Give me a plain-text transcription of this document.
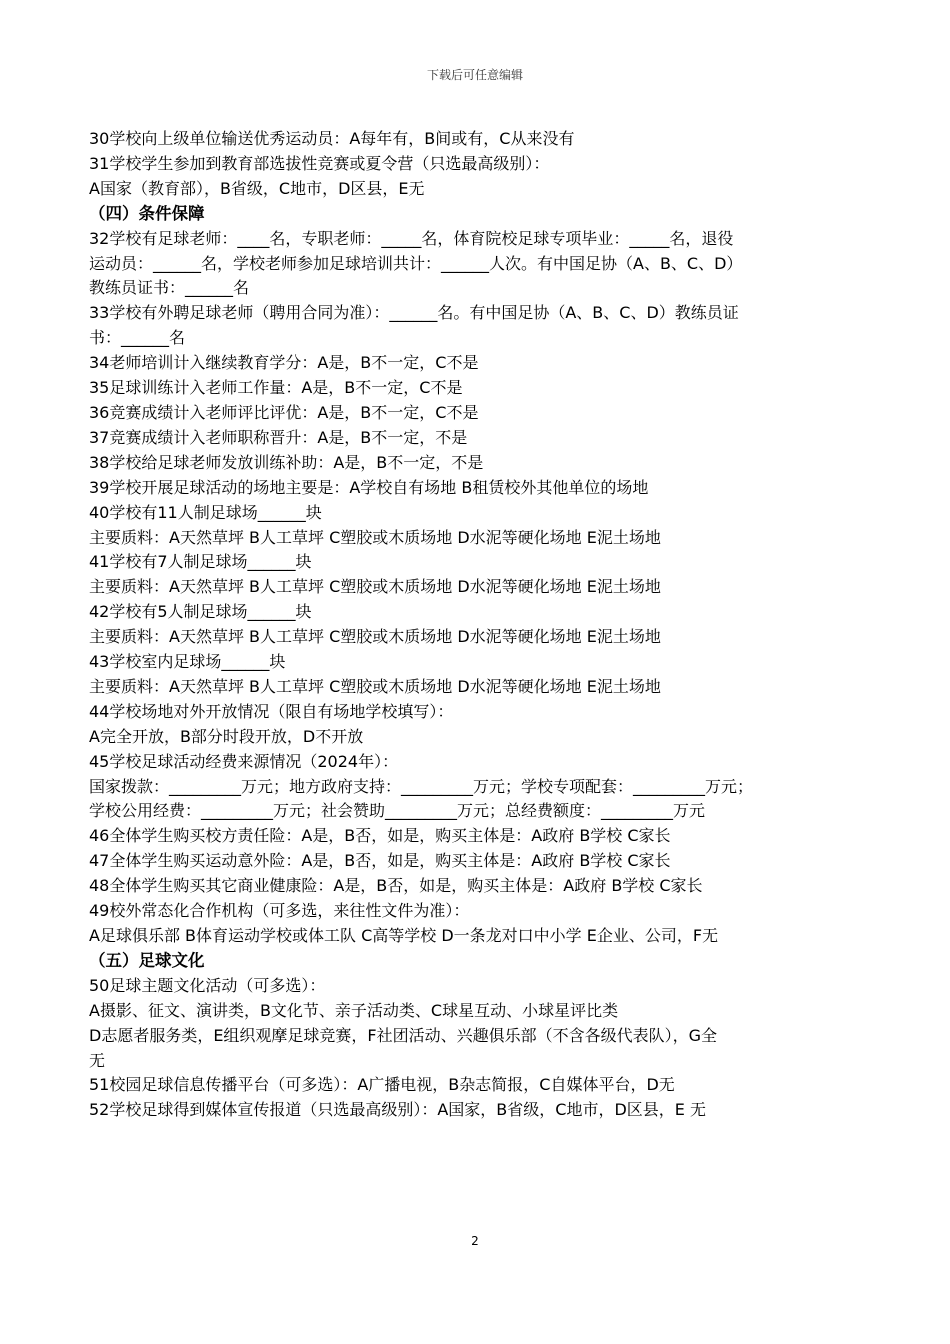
下载后可任意编辑
30学校向上级单位输送优秀运动员：A每年有，B间或有，C从来没有
31学校学生参加到教育部选拔性竞赛或夏令营（只选最高级别）：
A国家（教育部），B省级，C地市，D区县，E无
（四）条件保障
32学校有足球老师：____名，专职老师：_____名，体育院校足球专项毕业：_____名，退役
运动员：______名，学校老师参加足球培训共计：______人次。有中国足协（A、B、C、D）
教练员证书：______名
33学校有外聘足球老师（聘用合同为准）：______名。有中国足协（A、B、C、D）教练员证
书：______名
34老师培训计入继续教育学分：A是，B不一定，C不是
35足球训练计入老师工作量：A是，B不一定，C不是
36竞赛成绩计入老师评比评优：A是，B不一定，C不是
37竞赛成绩计入老师职称晋升：A是，B不一定，不是
38学校给足球老师发放训练补助：A是，B不一定，不是
39学校开展足球活动的场地主要是：A学校自有场地 B租赁校外其他单位的场地
40学校有11人制足球场______块
主要质料：A天然草坪 B人工草坪 C塑胶或木质场地 D水泥等硬化场地 E泥土场地
41学校有7人制足球场______块
主要质料：A天然草坪 B人工草坪 C塑胶或木质场地 D水泥等硬化场地 E泥土场地
42学校有5人制足球场______块
主要质料：A天然草坪 B人工草坪 C塑胶或木质场地 D水泥等硬化场地 E泥土场地
43学校室内足球场______块
主要质料：A天然草坪 B人工草坪 C塑胶或木质场地 D水泥等硬化场地 E泥土场地
44学校场地对外开放情况（限自有场地学校填写）：
A完全开放，B部分时段开放，D不开放
45学校足球活动经费来源情况（2024年）：
国家拨款：_________万元；地方政府支持：_________万元；学校专项配套：_________万元；
学校公用经费：_________万元；社会赞助_________万元；总经费额度：_________万元
46全体学生购买校方责任险：A是，B否，如是，购买主体是：A政府 B学校 C家长
47全体学生购买运动意外险：A是，B否，如是，购买主体是：A政府 B学校 C家长
48全体学生购买其它商业健康险：A是，B否，如是，购买主体是：A政府 B学校 C家长
49校外常态化合作机构（可多选，来往性文件为准）：
A足球俱乐部 B体育运动学校或体工队 C高等学校 D一条龙对口中小学 E企业、公司，F无
（五）足球文化
50足球主题文化活动（可多选）：
A摄影、征文、演讲类，B文化节、亲子活动类、C球星互动、小球星评比类
D志愿者服务类，E组织观摩足球竞赛，F社团活动、兴趣俱乐部（不含各级代表队），G全
无
51校园足球信息传播平台（可多选）：A广播电视，B杂志简报，C自媒体平台，D无
52学校足球得到媒体宣传报道（只选最高级别）：A国家，B省级，C地市，D区县，E 无
2
